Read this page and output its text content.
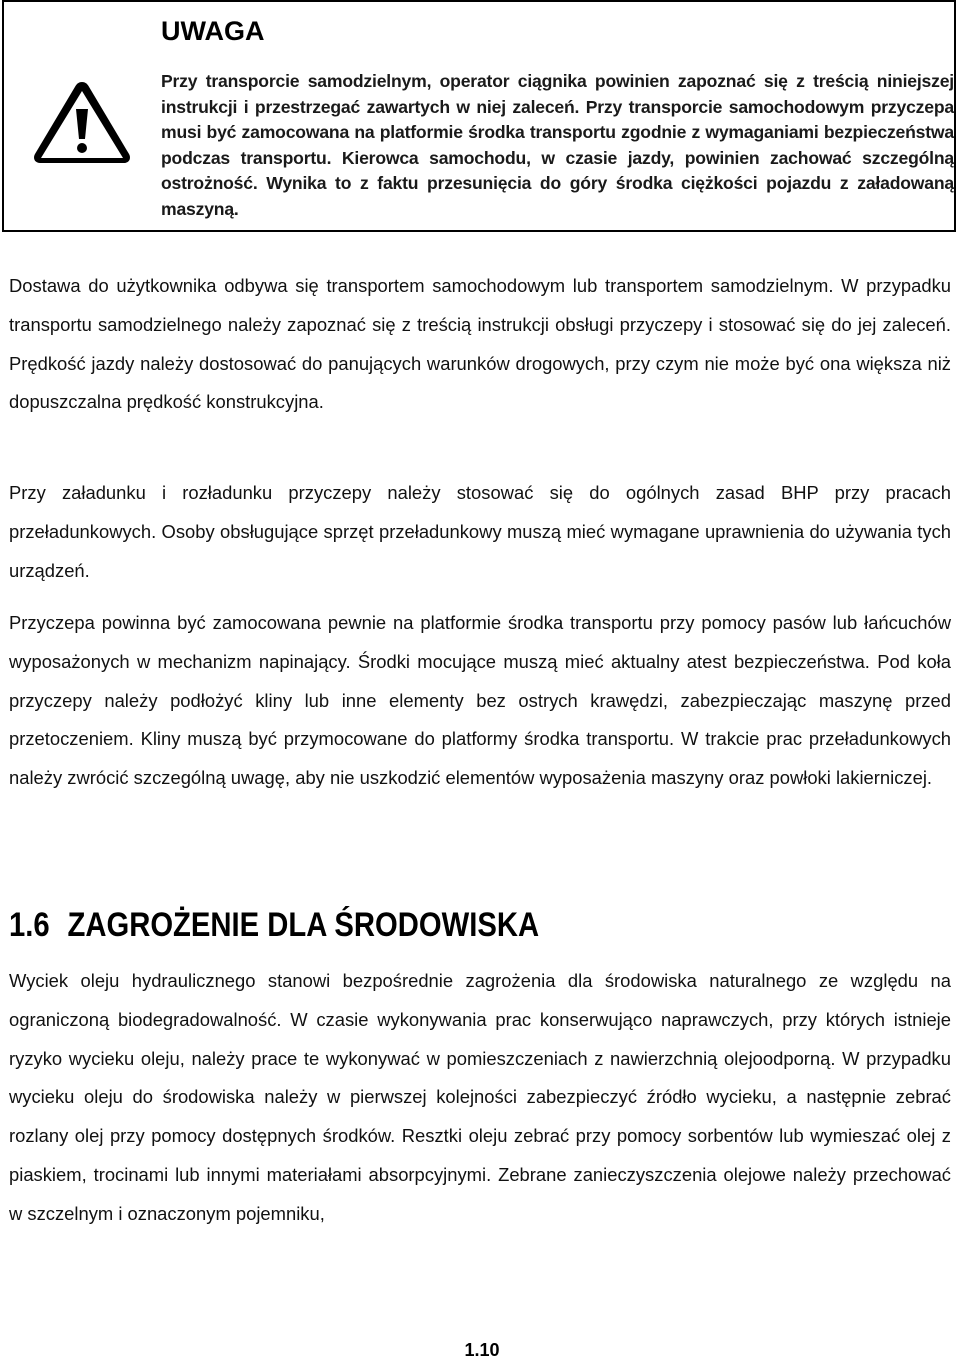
UWAGA

Przy transporcie samodzielnym, operator ciągnika powinien zapoznać się z treścią niniejszej instrukcji i przestrzegać zawartych w niej zaleceń. Przy transporcie samochodowym przyczepa musi być zamocowana na platformie środka transportu zgodnie z wymaganiami bezpieczeństwa podczas transportu. Kierowca samochodu, w czasie jazdy, powinien zachować szczególną ostrożność. Wynika to z faktu przesunięcia do góry środka ciężkości pojazdu z załadowaną maszyną.

Dostawa do użytkownika odbywa się transportem samochodowym lub transportem samodzielnym. W przypadku transportu samodzielnego należy zapoznać się z treścią instrukcji obsługi przyczepy i stosować się do jej zaleceń. Prędkość jazdy należy dostosować do panujących warunków drogowych, przy czym nie może być ona większa niż dopuszczalna prędkość konstrukcyjna.

Przy załadunku i rozładunku przyczepy należy stosować się do ogólnych zasad BHP przy pracach przeładunkowych. Osoby obsługujące sprzęt przeładunkowy muszą mieć wymagane uprawnienia do używania tych urządzeń.

Przyczepa powinna być zamocowana pewnie na platformie środka transportu przy pomocy pasów lub łańcuchów wyposażonych w mechanizm napinający. Środki mocujące muszą mieć aktualny atest bezpieczeństwa. Pod koła przyczepy należy podłożyć kliny lub inne elementy bez ostrych krawędzi, zabezpieczając maszynę przed przetoczeniem. Kliny muszą być przymocowane do platformy środka transportu. W trakcie prac przeładunkowych należy zwrócić szczególną uwagę, aby nie uszkodzić elementów wyposażenia maszyny oraz powłoki lakierniczej.

1.6 ZAGROŻENIE DLA ŚRODOWISKA

Wyciek oleju hydraulicznego stanowi bezpośrednie zagrożenia dla środowiska naturalnego ze względu na ograniczoną biodegradowalność. W czasie wykonywania prac konserwująco naprawczych, przy których istnieje ryzyko wycieku oleju, należy prace te wykonywać w pomieszczeniach z nawierzchnią olejoodporną. W przypadku wycieku oleju do środowiska należy w pierwszej kolejności zabezpieczyć źródło wycieku, a następnie zebrać rozlany olej przy pomocy dostępnych środków. Resztki oleju zebrać przy pomocy sorbentów lub wymieszać olej z piaskiem, trocinami lub innymi materiałami absorpcyjnymi. Zebrane zanieczyszczenia olejowe należy przechować w szczelnym i oznaczonym pojemniku,

1.10
